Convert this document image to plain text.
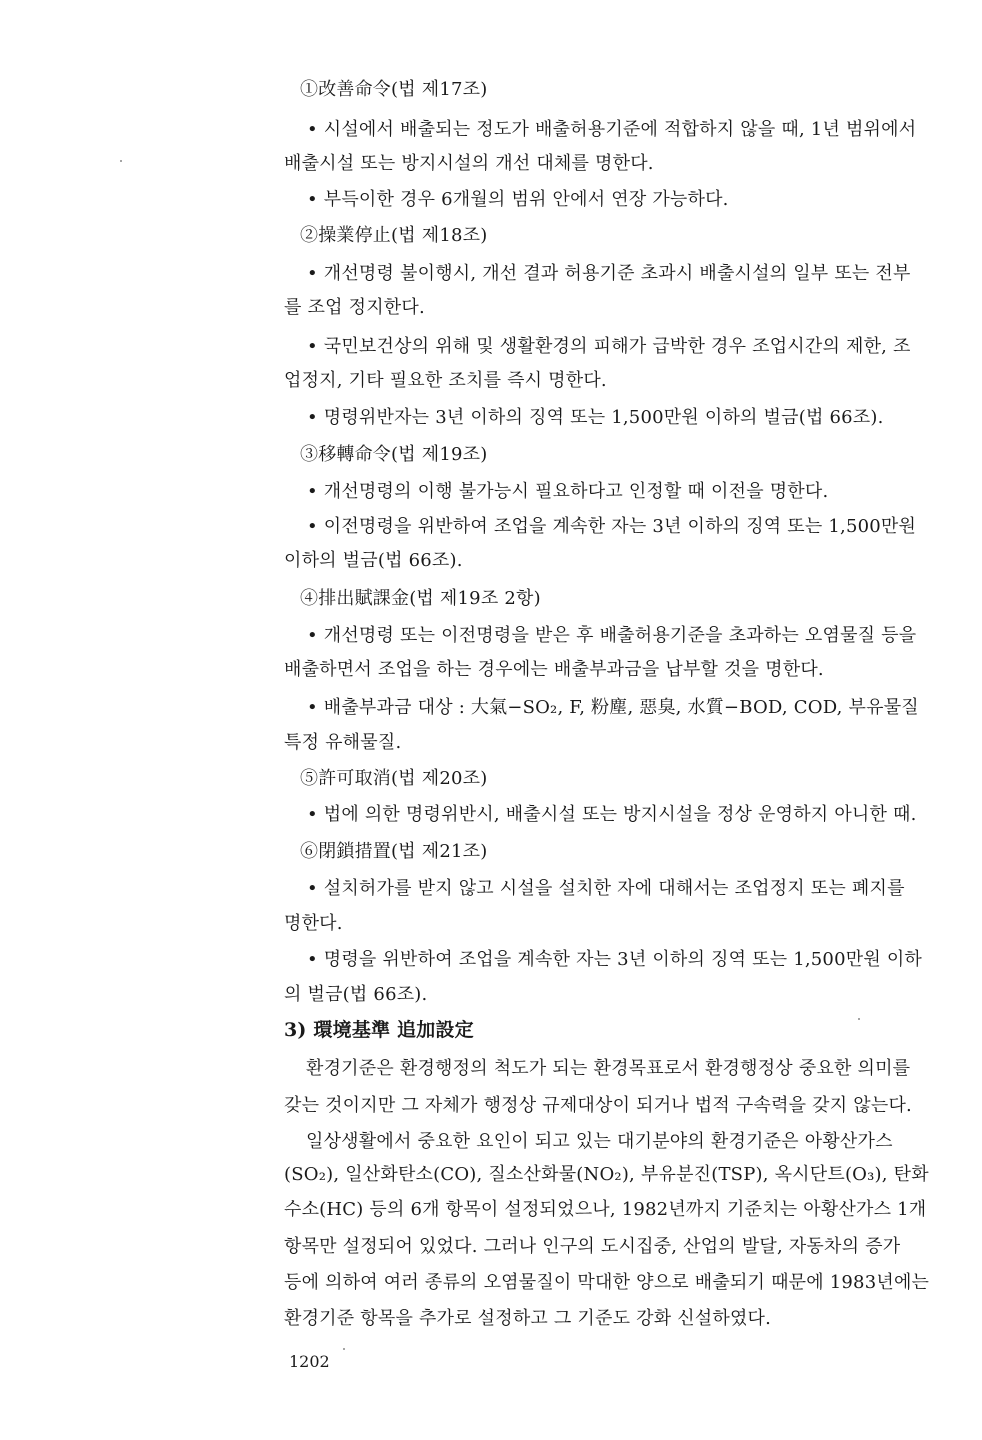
①改善命令(법 제17조)
• 시설에서 배출되는 정도가 배출허용기준에 적합하지 않을 때, 1년 범위에서
배출시설 또는 방지시설의 개선 대체를 명한다.
• 부득이한 경우 6개월의 범위 안에서 연장 가능하다.
②操業停止(법 제18조)
• 개선명령 불이행시, 개선 결과 허용기준 초과시 배출시설의 일부 또는 전부
를 조업 정지한다.
• 국민보건상의 위해 및 생활환경의 피해가 급박한 경우 조업시간의 제한, 조
업정지, 기타 필요한 조치를 즉시 명한다.
• 명령위반자는 3년 이하의 징역 또는 1,500만원 이하의 벌금(법 66조).
③移轉命令(법 제19조)
• 개선명령의 이행 불가능시 필요하다고 인정할 때 이전을 명한다.
• 이전명령을 위반하여 조업을 계속한 자는 3년 이하의 징역 또는 1,500만원
이하의 벌금(법 66조).
④排出賦課金(법 제19조 2항)
• 개선명령 또는 이전명령을 받은 후 배출허용기준을 초과하는 오염물질 등을
배출하면서 조업을 하는 경우에는 배출부과금을 납부할 것을 명한다.
• 배출부과금 대상 : 大氣−SO₂, F, 粉塵, 惡臭, 水質−BOD, COD, 부유물질
특정 유해물질.
⑤許可取消(법 제20조)
• 법에 의한 명령위반시, 배출시설 또는 방지시설을 정상 운영하지 아니한 때.
⑥閉鎖措置(법 제21조)
• 설치허가를 받지 않고 시설을 설치한 자에 대해서는 조업정지 또는 폐지를
명한다.
• 명령을 위반하여 조업을 계속한 자는 3년 이하의 징역 또는 1,500만원 이하
의 벌금(법 66조).
3) 環境基準 追加設定
환경기준은 환경행정의 척도가 되는 환경목표로서 환경행정상 중요한 의미를
갖는 것이지만 그 자체가 행정상 규제대상이 되거나 법적 구속력을 갖지 않는다.
일상생활에서 중요한 요인이 되고 있는 대기분야의 환경기준은 아황산가스
(SO₂), 일산화탄소(CO), 질소산화물(NO₂), 부유분진(TSP), 옥시단트(O₃), 탄화
수소(HC) 등의 6개 항목이 설정되었으나, 1982년까지 기준치는 아황산가스 1개
항목만 설정되어 있었다. 그러나 인구의 도시집중, 산업의 발달, 자동차의 증가
등에 의하여 여러 종류의 오염물질이 막대한 양으로 배출되기 때문에 1983년에는
환경기준 항목을 추가로 설정하고 그 기준도 강화 신설하였다.
1202
